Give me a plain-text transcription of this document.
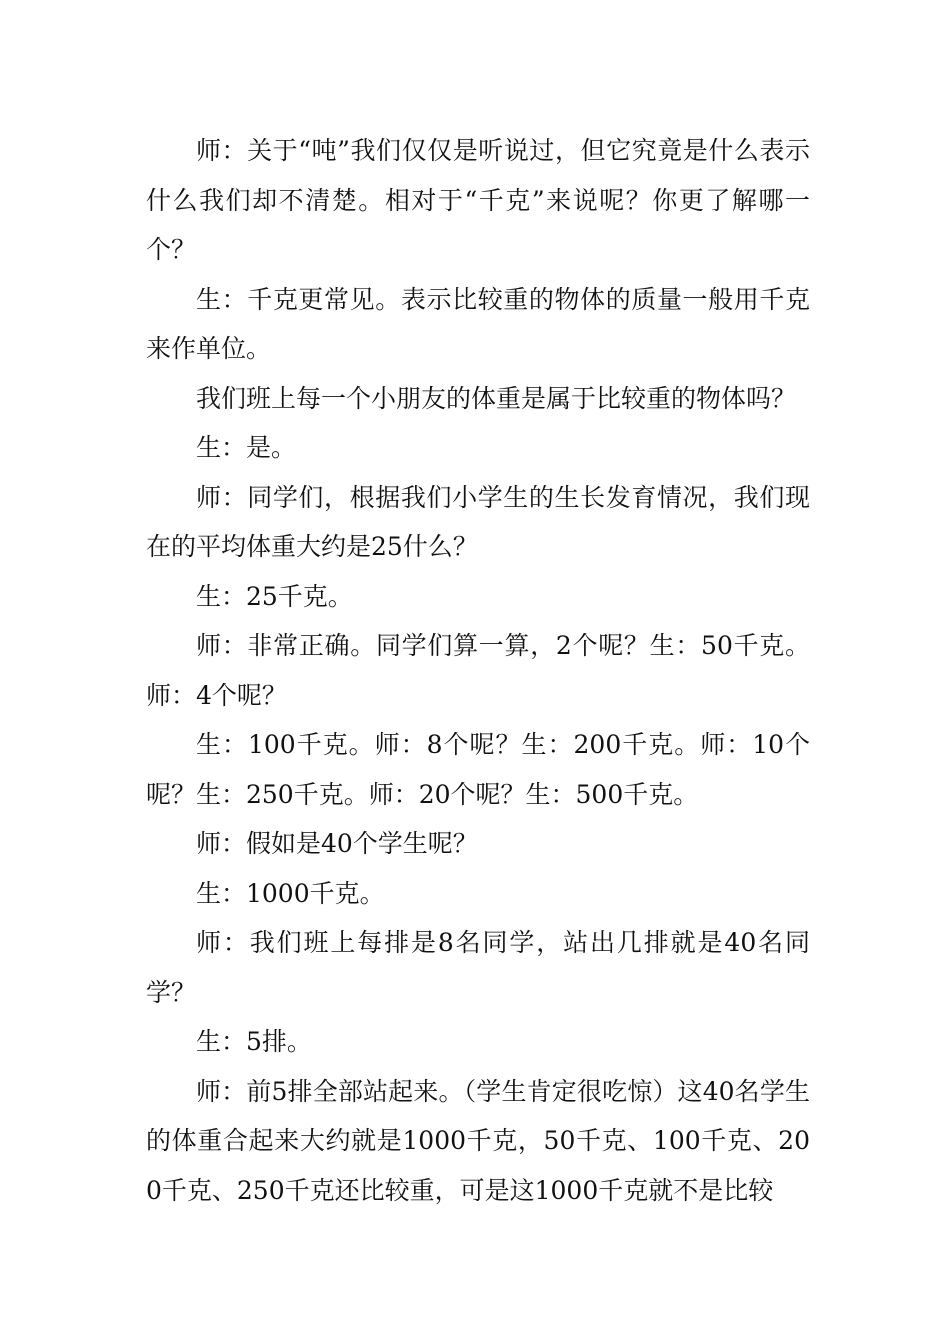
师：关于“吨”我们仅仅是听说过，但它究竟是什么表示什么我们却不清楚。相对于“千克”来说呢？你更了解哪一个？

生：千克更常见。表示比较重的物体的质量一般用千克来作单位。

我们班上每一个小朋友的体重是属于比较重的物体吗？

生：是。

师：同学们，根据我们小学生的生长发育情况，我们现在的平均体重大约是25什么？

生：25千克。

师：非常正确。同学们算一算，2个呢？生：50千克。师：4个呢？

生：100千克。师：8个呢？生：200千克。师：10个呢？生：250千克。师：20个呢？生：500千克。

师：假如是40个学生呢？

生：1000千克。

师：我们班上每排是8名同学，站出几排就是40名同学？

生：5排。

师：前5排全部站起来。（学生肯定很吃惊）这40名学生的体重合起来大约就是1000千克，50千克、100千克、200千克、250千克还比较重，可是这1000千克就不是比较
